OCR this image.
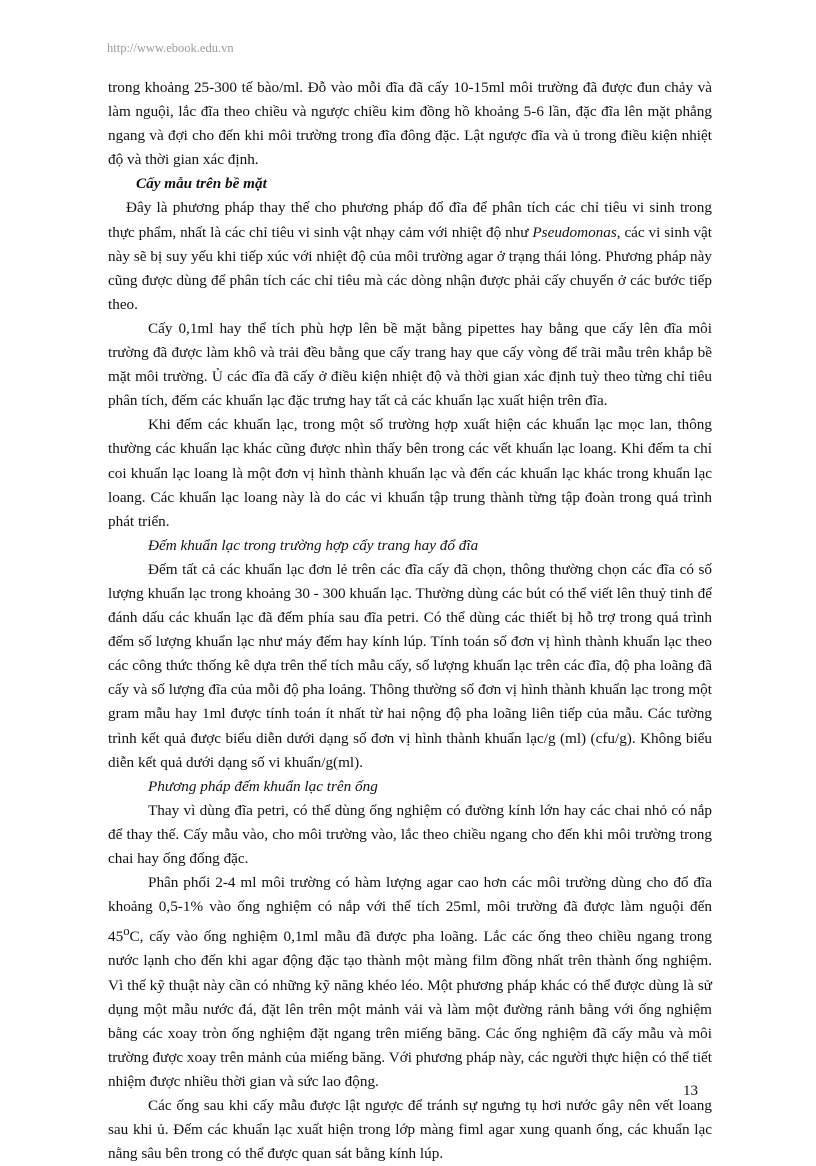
http://www.ebook.edu.vn

trong khoảng 25-300 tế bào/ml. Đỗ vào mỗi đĩa đã cấy 10-15ml môi trường đã được đun chảy và làm nguội, lắc đĩa theo chiều và ngược chiều kim đồng hồ khoảng 5-6 lần, đặc đĩa lên mặt phẳng ngang và đợi cho đến khi môi trường trong đĩa đông đặc. Lật ngược đĩa và ủ trong điều kiện nhiệt độ và thời gian xác định.

Cấy mẫu trên bề mặt

Đây là phương pháp thay thế cho phương pháp đổ đĩa để phân tích các chỉ tiêu vi sinh trong thực phẩm, nhất là các chỉ tiêu vi sinh vật nhạy cảm với nhiệt độ như Pseudomonas, các vi sinh vật này sẽ bị suy yếu khi tiếp xúc với nhiệt độ của môi trường agar ở trạng thái lỏng. Phương pháp này cũng được dùng để phân tích các chỉ tiêu mà các dòng nhận được phải cấy chuyển ở các bước tiếp theo.

Cấy 0,1ml hay thể tích phù hợp lên bề mặt bằng pipettes hay bằng que cấy lên đĩa môi trường đã được làm khô và trải đều bằng que cấy trang hay que cấy vòng để trãi mẫu trên khắp bề mặt môi trường. Ủ các đĩa đã cấy ở điều kiện nhiệt độ và thời gian xác định tuỳ theo từng chỉ tiêu phân tích, đếm các khuẩn lạc đặc trưng hay tất cả các khuẩn lạc xuất hiện trên đĩa.

Khi đếm các khuẩn lạc, trong một số trường hợp xuất hiện các khuẩn lạc mọc lan, thông thường các khuẩn lạc khác cũng được nhìn thấy bên trong các vết khuẩn lạc loang. Khi đếm ta chỉ coi khuẩn lạc loang là một đơn vị hình thành khuẩn lạc và đến các khuẩn lạc khác trong khuẩn lạc loang. Các khuẩn lạc loang này là do các vi khuẩn tập trung thành từng tập đoàn trong quá trình phát triển.

Đếm khuẩn lạc trong trường hợp cấy trang hay đổ đĩa

Đếm tất cả các khuẩn lạc đơn lẻ trên các đĩa cấy đã chọn, thông thường chọn các đĩa có số lượng khuẩn lạc trong khoảng 30 - 300 khuẩn lạc. Thường dùng các bút có thể viết lên thuỷ tinh để đánh dấu các khuẩn lạc đã đếm phía sau đĩa petri. Có thể dùng các thiết bị hỗ trợ trong quá trình đếm số lượng khuẩn lạc như máy đếm hay kính lúp. Tính toán số đơn vị hình thành khuẩn lạc theo các công thức thống kê dựa trên thể tích mẫu cấy, số lượng khuẩn lạc trên các đĩa, độ pha loãng đã cấy và số lượng đĩa của mỗi độ pha loảng. Thông thường số đơn vị hình thành khuẩn lạc trong một gram mẫu hay 1ml được tính toán ít nhất từ hai nộng độ pha loãng liên tiếp của mẫu. Các tường trình kết quả được biểu diễn dưới dạng số đơn vị hình thành khuẩn lạc/g (ml) (cfu/g). Không biểu diễn kết quả dưới dạng số vi khuẩn/g(ml).

Phương pháp đếm khuẩn lạc trên ống

Thay vì dùng đĩa petri, có thể dùng ống nghiệm có đường kính lớn hay các chai nhỏ có nắp để thay thế. Cấy mẫu vào, cho môi trường vào, lắc theo chiều ngang cho đến khi môi trường trong chai hay ống đống đặc.

Phân phối 2-4 ml môi trường có hàm lượng agar cao hơn các môi trường dùng cho đổ đĩa khoảng 0,5-1% vào ống nghiệm có nắp với thể tích 25ml, môi trường đã được làm nguội đến 45$^o$C, cấy vào ống nghiệm 0,1ml mẫu đã được pha loãng. Lắc các ống theo chiều ngang trong nước lạnh cho đến khi agar động đặc tạo thành một màng film đồng nhất trên thành ống nghiệm. Vì thế kỹ thuật này cần có những kỹ năng khéo léo. Một phương pháp khác có thể được dùng là sử dụng một mẫu nước đá, đặt lên trên một mảnh vải và làm một đường rảnh bằng với ống nghiệm bằng các xoay tròn ống nghiệm đặt ngang trên miếng băng. Các ống nghiệm đã cấy mẫu và môi trường được xoay trên mảnh của miếng băng. Với phương pháp này, các người thực hiện có thể tiết nhiệm được nhiều thời gian và sức lao động.

Các ống sau khi cấy mẫu được lật ngược để tránh sự ngưng tụ hơi nước gây nên vết loang sau khi ủ. Đếm các khuẩn lạc xuất hiện trong lớp màng fiml agar xung quanh ống, các khuẩn lạc nằng sâu bên trong có thể được quan sát bằng kính lúp.

13
